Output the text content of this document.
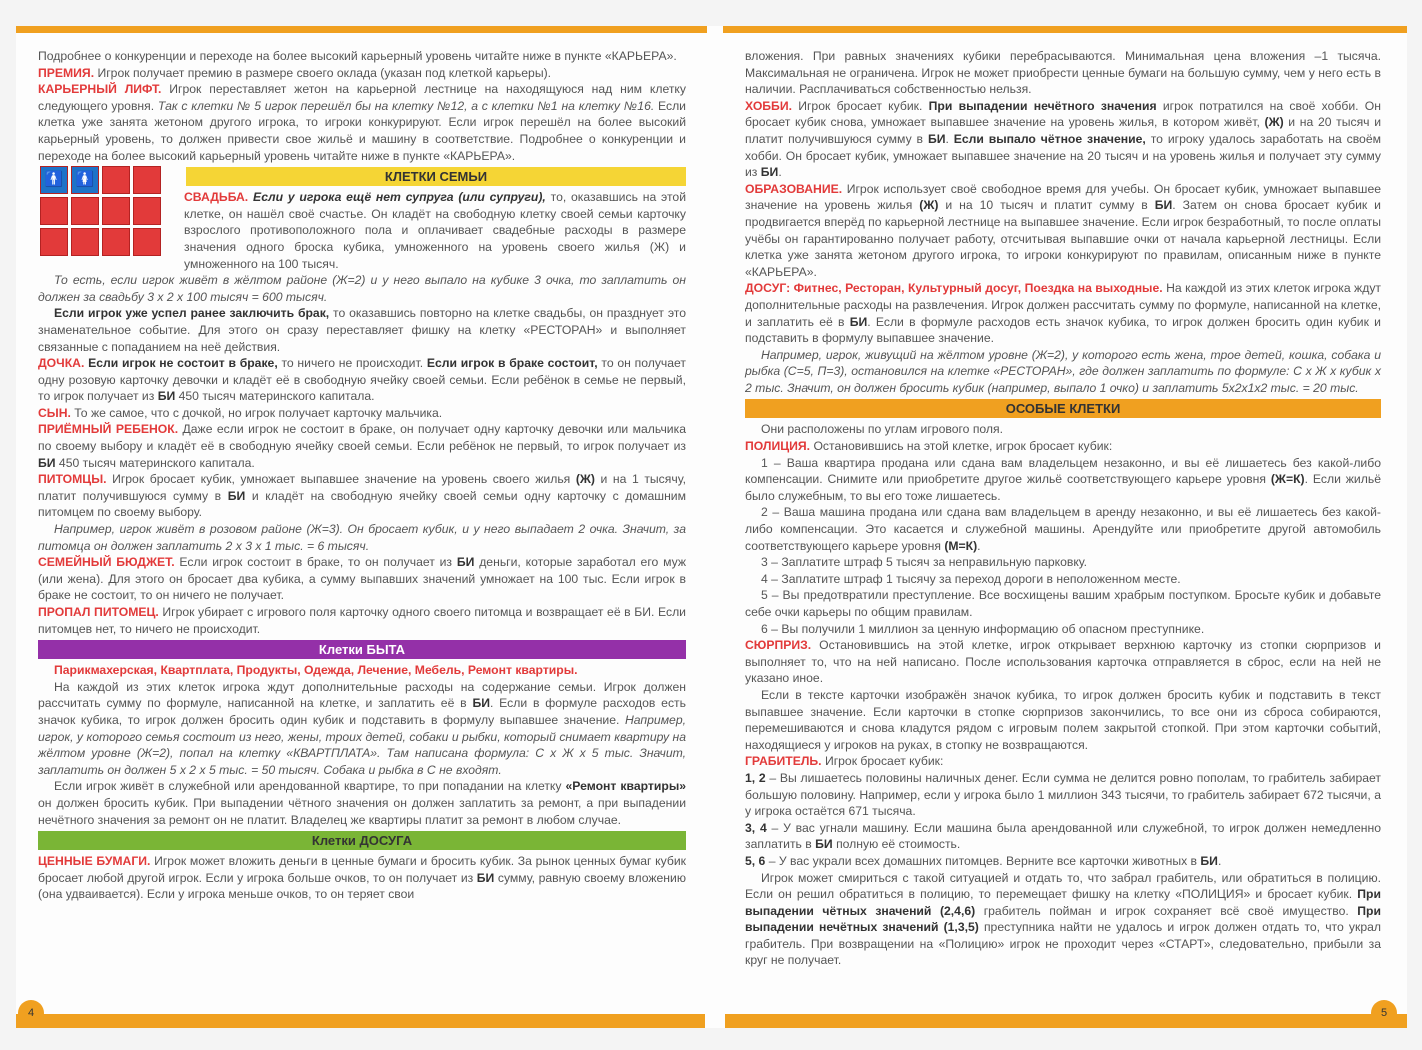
Подробнее о конкуренции и переходе на более высокий карьерный уровень читайте ниже в пункте «КАРЬЕРА».

ПРЕМИЯ. Игрок получает премию в размере своего оклада (указан под клеткой карьеры).

КАРЬЕРНЫЙ ЛИФТ. Игрок переставляет жетон на карьерной лестнице на находящуюся над ним клетку следующего уровня. Так с клетки № 5 игрок перешёл бы на клетку №12, а с клетки №1 на клетку №16. Если клетка уже занята жетоном другого игрока, то игроки конкурируют. Если игрок перешёл на более высокий карьерный уровень, то должен привести свое жильё и машину в соответствие. Подробнее о конкуренции и переходе на более высокий карьерный уровень читайте ниже в пункте «КАРЬЕРА».

🚹 🚺	КЛЕТКИ СЕМЬИ

СВАДЬБА. Если у игрока ещё нет супруга (или супруги), то, оказавшись на этой клетке, он нашёл своё счастье. Он кладёт на свободную клетку своей семьи карточку взрослого противоположного пола и оплачивает свадебные расходы в размере значения одного броска кубика, умноженного на уровень своего жилья (Ж) и умноженного на 100 тысяч.

То есть, если игрок живёт в жёлтом районе (Ж=2) и у него выпало на кубике 3 очка, то заплатить он должен за свадьбу 3 х 2 х 100 тысяч = 600 тысяч.

Если игрок уже успел ранее заключить брак, то оказавшись повторно на клетке свадьбы, он празднует это знаменательное событие. Для этого он сразу переставляет фишку на клетку «РЕСТОРАН» и выполняет связанные с попаданием на неё действия.

ДОЧКА. Если игрок не состоит в браке, то ничего не происходит. Если игрок в браке состоит, то он получает одну розовую карточку девочки и кладёт её в свободную ячейку своей семьи. Если ребёнок в семье не первый, то игрок получает из БИ 450 тысяч материнского капитала.

СЫН. То же самое, что с дочкой, но игрок получает карточку мальчика.

ПРИЁМНЫЙ РЕБЕНОК. Даже если игрок не состоит в браке, он получает одну карточку девочки или мальчика по своему выбору и кладёт её в свободную ячейку своей семьи. Если ребёнок не первый, то игрок получает из БИ 450 тысяч материнского капитала.

ПИТОМЦЫ. Игрок бросает кубик, умножает выпавшее значение на уровень своего жилья (Ж) и на 1 тысячу, платит получившуюся сумму в БИ и кладёт на свободную ячейку своей семьи одну карточку с домашним питомцем по своему выбору.

Например, игрок живёт в розовом районе (Ж=3). Он бросает кубик, и у него выпадает 2 очка. Значит, за питомца он должен заплатить 2 х 3 х 1 тыс. = 6 тысяч.

СЕМЕЙНЫЙ БЮДЖЕТ. Если игрок состоит в браке, то он получает из БИ деньги, которые заработал его муж (или жена). Для этого он бросает два кубика, а сумму выпавших значений умножает на 100 тыс. Если игрок в браке не состоит, то он ничего не получает.

ПРОПАЛ ПИТОМЕЦ. Игрок убирает с игрового поля карточку одного своего питомца и возвращает её в БИ. Если питомцев нет, то ничего не происходит.

Клетки БЫТА

Парикмахерская, Квартплата, Продукты, Одежда, Лечение, Мебель, Ремонт квартиры.

На каждой из этих клеток игрока ждут дополнительные расходы на содержание семьи. Игрок должен рассчитать сумму по формуле, написанной на клетке, и заплатить её в БИ. Если в формуле расходов есть значок кубика, то игрок должен бросить один кубик и подставить в формулу выпавшее значение. Например, игрок, у которого семья состоит из него, жены, троих детей, собаки и рыбки, который снимает квартиру на жёлтом уровне (Ж=2), попал на клетку «КВАРТПЛАТА». Там написана формула: С х Ж х 5 тыс. Значит, заплатить он должен 5 х 2 х 5 тыс. = 50 тысяч. Собака и рыбка в С не входят.

Если игрок живёт в служебной или арендованной квартире, то при попадании на клетку «Ремонт квартиры» он должен бросить кубик. При выпадении чётного значения он должен заплатить за ремонт, а при выпадении нечётного значения за ремонт он не платит. Владелец же квартиры платит за ремонт в любом случае.

Клетки ДОСУГА

ЦЕННЫЕ БУМАГИ. Игрок может вложить деньги в ценные бумаги и бросить кубик. За рынок ценных бумаг кубик бросает любой другой игрок. Если у игрока больше очков, то он получает из БИ сумму, равную своему вложению (она удваивается). Если у игрока меньше очков, то он теряет свои

4

вложения. При равных значениях кубики перебрасываются. Минимальная цена вложения –1 тысяча. Максимальная не ограничена. Игрок не может приобрести ценные бумаги на большую сумму, чем у него есть в наличии. Расплачиваться собственностью нельзя.

ХОББИ. Игрок бросает кубик. При выпадении нечётного значения игрок потратился на своё хобби. Он бросает кубик снова, умножает выпавшее значение на уровень жилья, в котором живёт, (Ж) и на 20 тысяч и платит получившуюся сумму в БИ. Если выпало чётное значение, то игроку удалось заработать на своём хобби. Он бросает кубик, умножает выпавшее значение на 20 тысяч и на уровень жилья и получает эту сумму из БИ.

ОБРАЗОВАНИЕ. Игрок использует своё свободное время для учебы. Он бросает кубик, умножает выпавшее значение на уровень жилья (Ж) и на 10 тысяч и платит сумму в БИ. Затем он снова бросает кубик и продвигается вперёд по карьерной лестнице на выпавшее значение. Если игрок безработный, то после оплаты учёбы он гарантированно получает работу, отсчитывая выпавшие очки от начала карьерной лестницы. Если клетка уже занята жетоном другого игрока, то игроки конкурируют по правилам, описанным ниже в пункте «КАРЬЕРА».

ДОСУГ: Фитнес, Ресторан, Культурный досуг, Поездка на выходные. На каждой из этих клеток игрока ждут дополнительные расходы на развлечения. Игрок должен рассчитать сумму по формуле, написанной на клетке, и заплатить её в БИ. Если в формуле расходов есть значок кубика, то игрок должен бросить один кубик и подставить в формулу выпавшее значение.

Например, игрок, живущий на жёлтом уровне (Ж=2), у которого есть жена, трое детей, кошка, собака и рыбка (С=5, П=3), остановился на клетке «РЕСТОРАН», где должен заплатить по формуле: С х Ж х кубик х 2 тыс. Значит, он должен бросить кубик (например, выпало 1 очко) и заплатить 5х2х1х2 тыс. = 20 тыс.

ОСОБЫЕ КЛЕТКИ

Они расположены по углам игрового поля.

ПОЛИЦИЯ. Остановившись на этой клетке, игрок бросает кубик:

1 – Ваша квартира продана или сдана вам владельцем незаконно, и вы её лишаетесь без какой-либо компенсации. Снимите или приобретите другое жильё соответствующего карьере уровня (Ж=К). Если жильё было служебным, то вы его тоже лишаетесь.

2 – Ваша машина продана или сдана вам владельцем в аренду незаконно, и вы её лишаетесь без какой-либо компенсации. Это касается и служебной машины. Арендуйте или приобретите другой автомобиль соответствующего карьере уровня (М=К).

3 – Заплатите штраф 5 тысяч за неправильную парковку.

4 – Заплатите штраф 1 тысячу за переход дороги в неположенном месте.

5 – Вы предотвратили преступление. Все восхищены вашим храбрым поступком. Бросьте кубик и добавьте себе очки карьеры по общим правилам.

6 – Вы получили 1 миллион за ценную информацию об опасном преступнике.

СЮРПРИЗ. Остановившись на этой клетке, игрок открывает верхнюю карточку из стопки сюрпризов и выполняет то, что на ней написано. После использования карточка отправляется в сброс, если на ней не указано иное.

Если в тексте карточки изображён значок кубика, то игрок должен бросить кубик и подставить в текст выпавшее значение. Если карточки в стопке сюрпризов закончились, то все они из сброса собираются, перемешиваются и снова кладутся рядом с игровым полем закрытой стопкой. При этом карточки событий, находящиеся у игроков на руках, в стопку не возвращаются.

ГРАБИТЕЛЬ. Игрок бросает кубик:

1, 2 – Вы лишаетесь половины наличных денег. Если сумма не делится ровно пополам, то грабитель забирает большую половину. Например, если у игрока было 1 миллион 343 тысячи, то грабитель забирает 672 тысячи, а у игрока остаётся 671 тысяча.

3, 4 – У вас угнали машину. Если машина была арендованной или служебной, то игрок должен немедленно заплатить в БИ полную её стоимость.

5, 6 – У вас украли всех домашних питомцев. Верните все карточки животных в БИ.

Игрок может смириться с такой ситуацией и отдать то, что забрал грабитель, или обратиться в полицию. Если он решил обратиться в полицию, то перемещает фишку на клетку «ПОЛИЦИЯ» и бросает кубик. При выпадении чётных значений (2,4,6) грабитель пойман и игрок сохраняет всё своё имущество. При выпадении нечётных значений (1,3,5) преступника найти не удалось и игрок должен отдать то, что украл грабитель. При возвращении на «Полицию» игрок не проходит через «СТАРТ», следовательно, прибыли за круг не получает.

5
